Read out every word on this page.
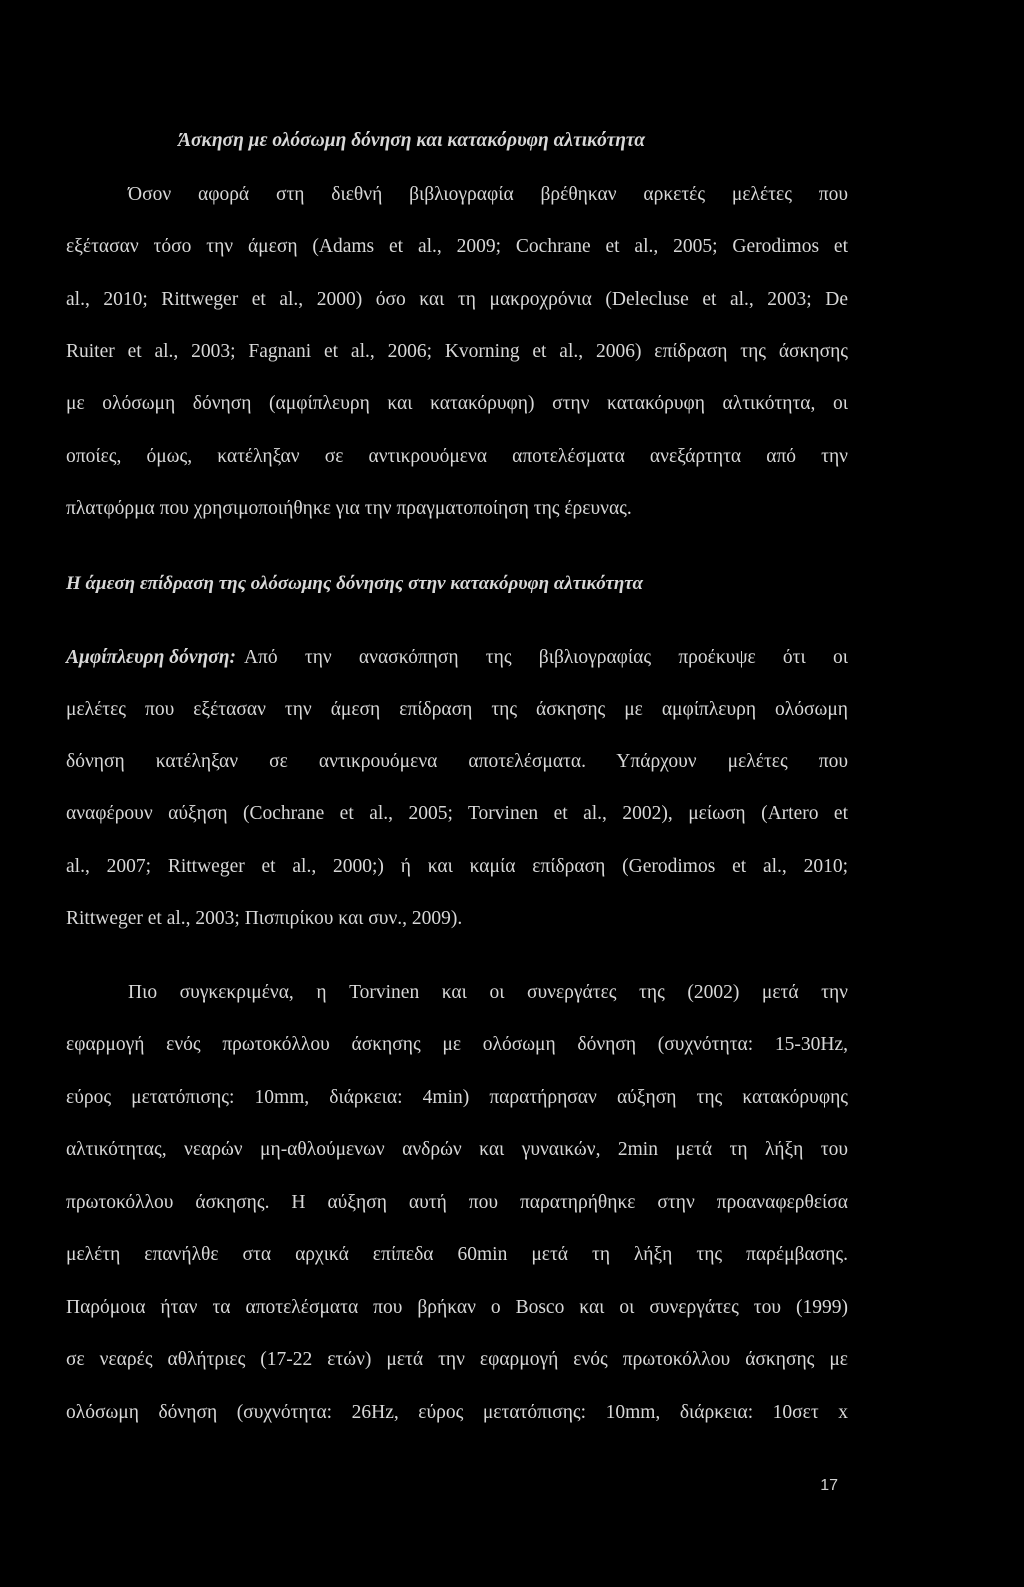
Άσκηση με ολόσωμη δόνηση και κατακόρυφη αλτικότητα
Όσον αφορά στη διεθνή βιβλιογραφία βρέθηκαν αρκετές μελέτες που
εξέτασαν τόσο την άμεση (Adams et al., 2009; Cochrane et al., 2005; Gerodimos et
al., 2010; Rittweger et al., 2000) όσο και τη μακροχρόνια (Delecluse et al., 2003; De
Ruiter et al., 2003; Fagnani et al., 2006; Kvorning et al., 2006) επίδραση της άσκησης
με ολόσωμη δόνηση (αμφίπλευρη και κατακόρυφη) στην κατακόρυφη αλτικότητα, οι
οποίες, όμως, κατέληξαν σε αντικρουόμενα αποτελέσματα ανεξάρτητα από την
πλατφόρμα που χρησιμοποιήθηκε για την πραγματοποίηση της έρευνας.
Η άμεση επίδραση της ολόσωμης δόνησης στην κατακόρυφη αλτικότητα
Αμφίπλευρη δόνηση: Από την ανασκόπηση της βιβλιογραφίας προέκυψε ότι οι
μελέτες που εξέτασαν την άμεση επίδραση της άσκησης με αμφίπλευρη ολόσωμη
δόνηση κατέληξαν σε αντικρουόμενα αποτελέσματα. Υπάρχουν μελέτες που
αναφέρουν αύξηση (Cochrane et al., 2005; Torvinen et al., 2002), μείωση (Artero et
al., 2007; Rittweger et al., 2000;) ή και καμία επίδραση (Gerodimos et al., 2010;
Rittweger et al., 2003; Πισπιρίκου και συν., 2009).
Πιο συγκεκριμένα, η Torvinen και οι συνεργάτες της (2002) μετά την
εφαρμογή ενός πρωτοκόλλου άσκησης με ολόσωμη δόνηση (συχνότητα: 15-30Hz,
εύρος μετατόπισης: 10mm, διάρκεια: 4min) παρατήρησαν αύξηση της κατακόρυφης
αλτικότητας, νεαρών μη-αθλούμενων ανδρών και γυναικών, 2min μετά τη λήξη του
πρωτοκόλλου άσκησης. Η αύξηση αυτή που παρατηρήθηκε στην προαναφερθείσα
μελέτη επανήλθε στα αρχικά επίπεδα 60min μετά τη λήξη της παρέμβασης.
Παρόμοια ήταν τα αποτελέσματα που βρήκαν ο Bosco και οι συνεργάτες του (1999)
σε νεαρές αθλήτριες (17-22 ετών) μετά την εφαρμογή ενός πρωτοκόλλου άσκησης με
ολόσωμη δόνηση (συχνότητα: 26Hz, εύρος μετατόπισης: 10mm, διάρκεια: 10σετ x
17
